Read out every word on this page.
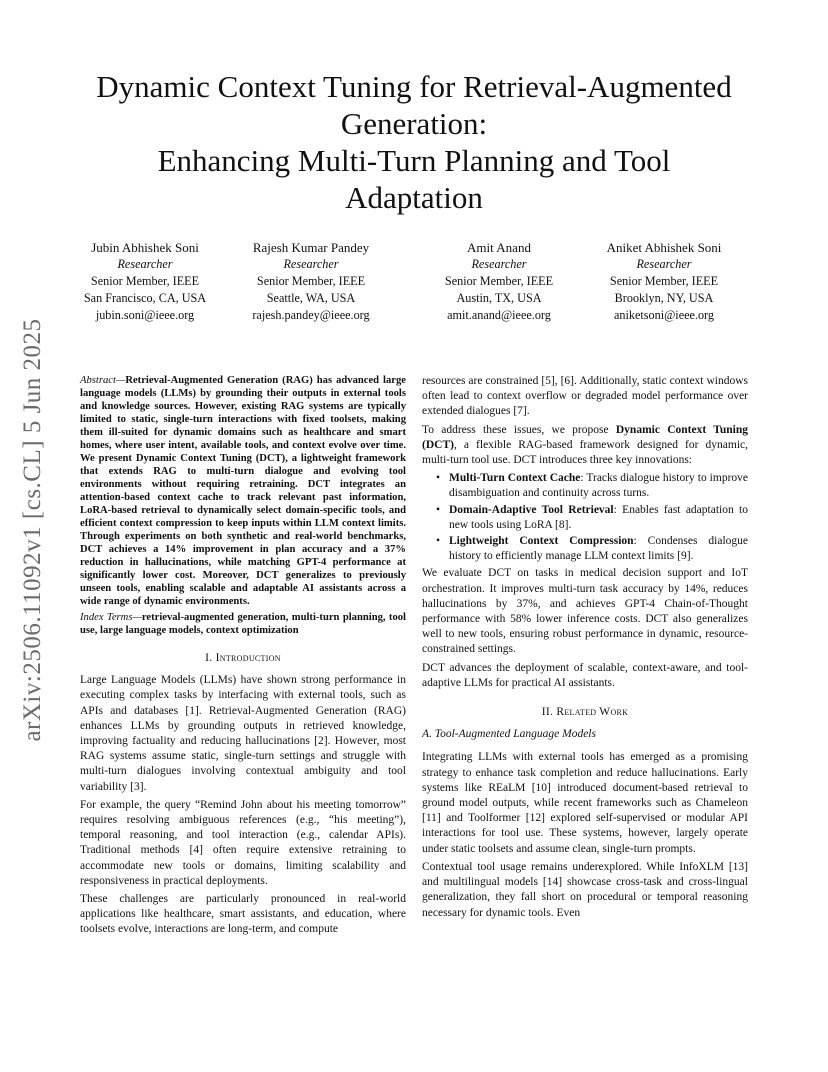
arXiv:2506.11092v1 [cs.CL] 5 Jun 2025
Dynamic Context Tuning for Retrieval-Augmented
Generation:
Enhancing Multi-Turn Planning and Tool
Adaptation
Jubin Abhishek Soni
Researcher
Senior Member, IEEE
San Francisco, CA, USA
jubin.soni@ieee.org
Rajesh Kumar Pandey
Researcher
Senior Member, IEEE
Seattle, WA, USA
rajesh.pandey@ieee.org
Amit Anand
Researcher
Senior Member, IEEE
Austin, TX, USA
amit.anand@ieee.org
Aniket Abhishek Soni
Researcher
Senior Member, IEEE
Brooklyn, NY, USA
aniketsoni@ieee.org

Abstract—Retrieval-Augmented Generation (RAG) has advanced large language models (LLMs) by grounding their outputs in external tools and knowledge sources. However, existing RAG systems are typically limited to static, single-turn interactions with fixed toolsets, making them ill-suited for dynamic domains such as healthcare and smart homes, where user intent, available tools, and context evolve over time. We present Dynamic Context Tuning (DCT), a lightweight framework that extends RAG to multi-turn dialogue and evolving tool environments without requiring retraining. DCT integrates an attention-based context cache to track relevant past information, LoRA-based retrieval to dynamically select domain-specific tools, and efficient context compression to keep inputs within LLM context limits. Through experiments on both synthetic and real-world benchmarks, DCT achieves a 14% improvement in plan accuracy and a 37% reduction in hallucinations, while matching GPT-4 performance at significantly lower cost. Moreover, DCT generalizes to previously unseen tools, enabling scalable and adaptable AI assistants across a wide range of dynamic environments.

Index Terms—retrieval-augmented generation, multi-turn planning, tool use, large language models, context optimization

I. Introduction

Large Language Models (LLMs) have shown strong performance in executing complex tasks by interfacing with external tools, such as APIs and databases [1]. Retrieval-Augmented Generation (RAG) enhances LLMs by grounding outputs in retrieved knowledge, improving factuality and reducing hallucinations [2]. However, most RAG systems assume static, single-turn settings and struggle with multi-turn dialogues involving contextual ambiguity and tool variability [3].

For example, the query “Remind John about his meeting tomorrow” requires resolving ambiguous references (e.g., “his meeting”), temporal reasoning, and tool interaction (e.g., calendar APIs). Traditional methods [4] often require extensive retraining to accommodate new tools or domains, limiting scalability and responsiveness in practical deployments.

These challenges are particularly pronounced in real-world applications like healthcare, smart assistants, and education, where toolsets evolve, interactions are long-term, and compute

resources are constrained [5], [6]. Additionally, static context windows often lead to context overflow or degraded model performance over extended dialogues [7].

To address these issues, we propose Dynamic Context Tuning (DCT), a flexible RAG-based framework designed for dynamic, multi-turn tool use. DCT introduces three key innovations:

• Multi-Turn Context Cache: Tracks dialogue history to improve disambiguation and continuity across turns.
• Domain-Adaptive Tool Retrieval: Enables fast adaptation to new tools using LoRA [8].
• Lightweight Context Compression: Condenses dialogue history to efficiently manage LLM context limits [9].

We evaluate DCT on tasks in medical decision support and IoT orchestration. It improves multi-turn task accuracy by 14%, reduces hallucinations by 37%, and achieves GPT-4 Chain-of-Thought performance with 58% lower inference costs. DCT also generalizes well to new tools, ensuring robust performance in dynamic, resource-constrained settings.

DCT advances the deployment of scalable, context-aware, and tool-adaptive LLMs for practical AI assistants.

II. Related Work
A. Tool-Augmented Language Models

Integrating LLMs with external tools has emerged as a promising strategy to enhance task completion and reduce hallucinations. Early systems like REaLM [10] introduced document-based retrieval to ground model outputs, while recent frameworks such as Chameleon [11] and Toolformer [12] explored self-supervised or modular API interactions for tool use. These systems, however, largely operate under static toolsets and assume clean, single-turn prompts.

Contextual tool usage remains underexplored. While InfoXLM [13] and multilingual models [14] showcase cross-task and cross-lingual generalization, they fall short on procedural or temporal reasoning necessary for dynamic tools. Even
